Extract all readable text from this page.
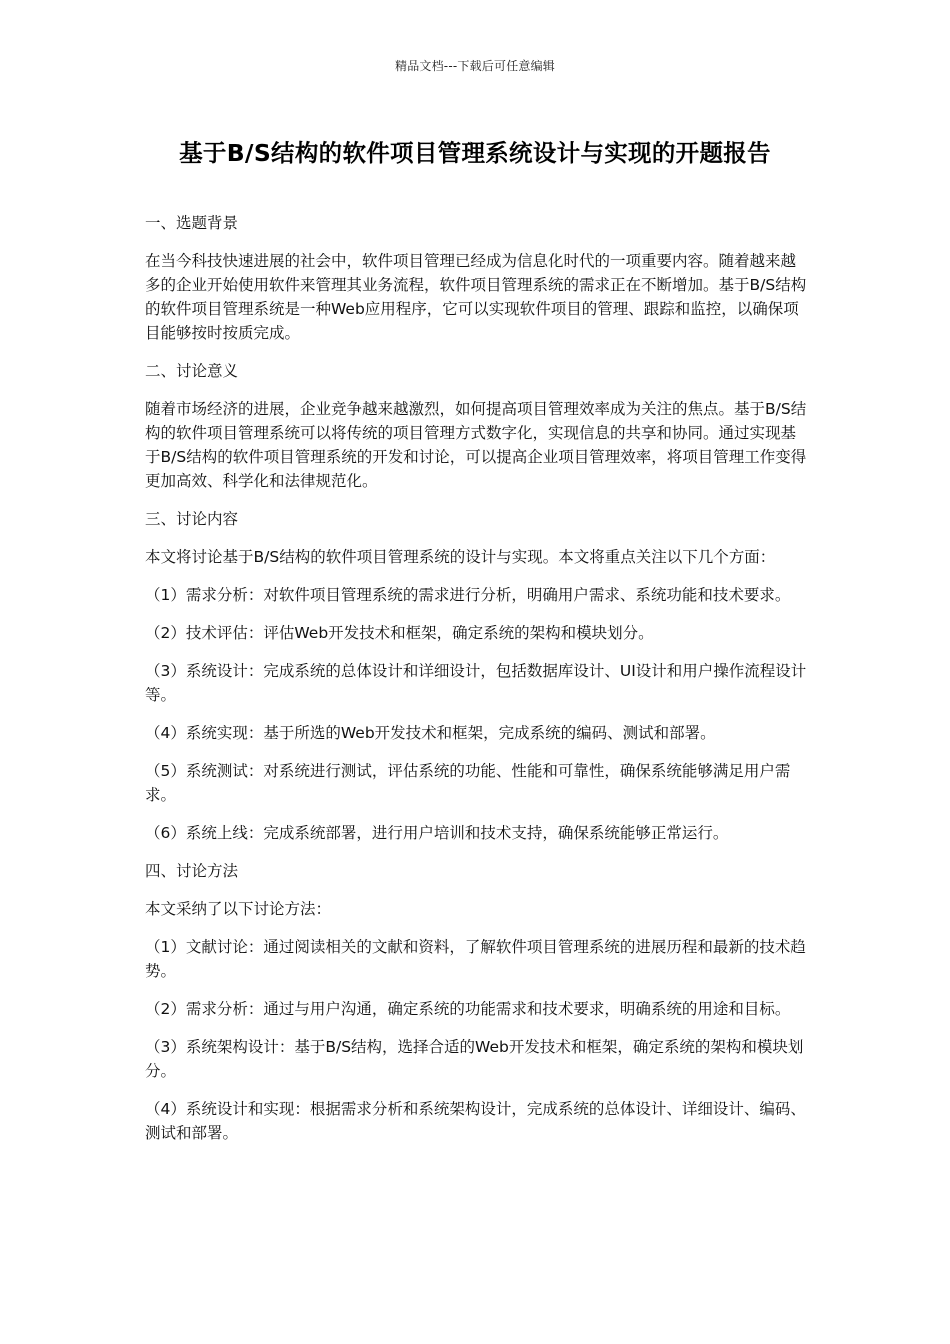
精品文档---下载后可任意编辑
基于B/S结构的软件项目管理系统设计与实现的开题报告

一、选题背景

在当今科技快速进展的社会中，软件项目管理已经成为信息化时代的一项重要内容。随着越来越多的企业开始使用软件来管理其业务流程，软件项目管理系统的需求正在不断增加。基于B/S结构的软件项目管理系统是一种Web应用程序，它可以实现软件项目的管理、跟踪和监控，以确保项目能够按时按质完成。

二、讨论意义

随着市场经济的进展，企业竞争越来越激烈，如何提高项目管理效率成为关注的焦点。基于B/S结构的软件项目管理系统可以将传统的项目管理方式数字化，实现信息的共享和协同。通过实现基于B/S结构的软件项目管理系统的开发和讨论，可以提高企业项目管理效率，将项目管理工作变得更加高效、科学化和法律规范化。

三、讨论内容

本文将讨论基于B/S结构的软件项目管理系统的设计与实现。本文将重点关注以下几个方面：

（1）需求分析：对软件项目管理系统的需求进行分析，明确用户需求、系统功能和技术要求。

（2）技术评估：评估Web开发技术和框架，确定系统的架构和模块划分。

（3）系统设计：完成系统的总体设计和详细设计，包括数据库设计、UI设计和用户操作流程设计等。

（4）系统实现：基于所选的Web开发技术和框架，完成系统的编码、测试和部署。

（5）系统测试：对系统进行测试，评估系统的功能、性能和可靠性，确保系统能够满足用户需求。

（6）系统上线：完成系统部署，进行用户培训和技术支持，确保系统能够正常运行。

四、讨论方法

本文采纳了以下讨论方法：

（1）文献讨论：通过阅读相关的文献和资料，了解软件项目管理系统的进展历程和最新的技术趋势。

（2）需求分析：通过与用户沟通，确定系统的功能需求和技术要求，明确系统的用途和目标。

（3）系统架构设计：基于B/S结构，选择合适的Web开发技术和框架，确定系统的架构和模块划分。

（4）系统设计和实现：根据需求分析和系统架构设计，完成系统的总体设计、详细设计、编码、测试和部署。
